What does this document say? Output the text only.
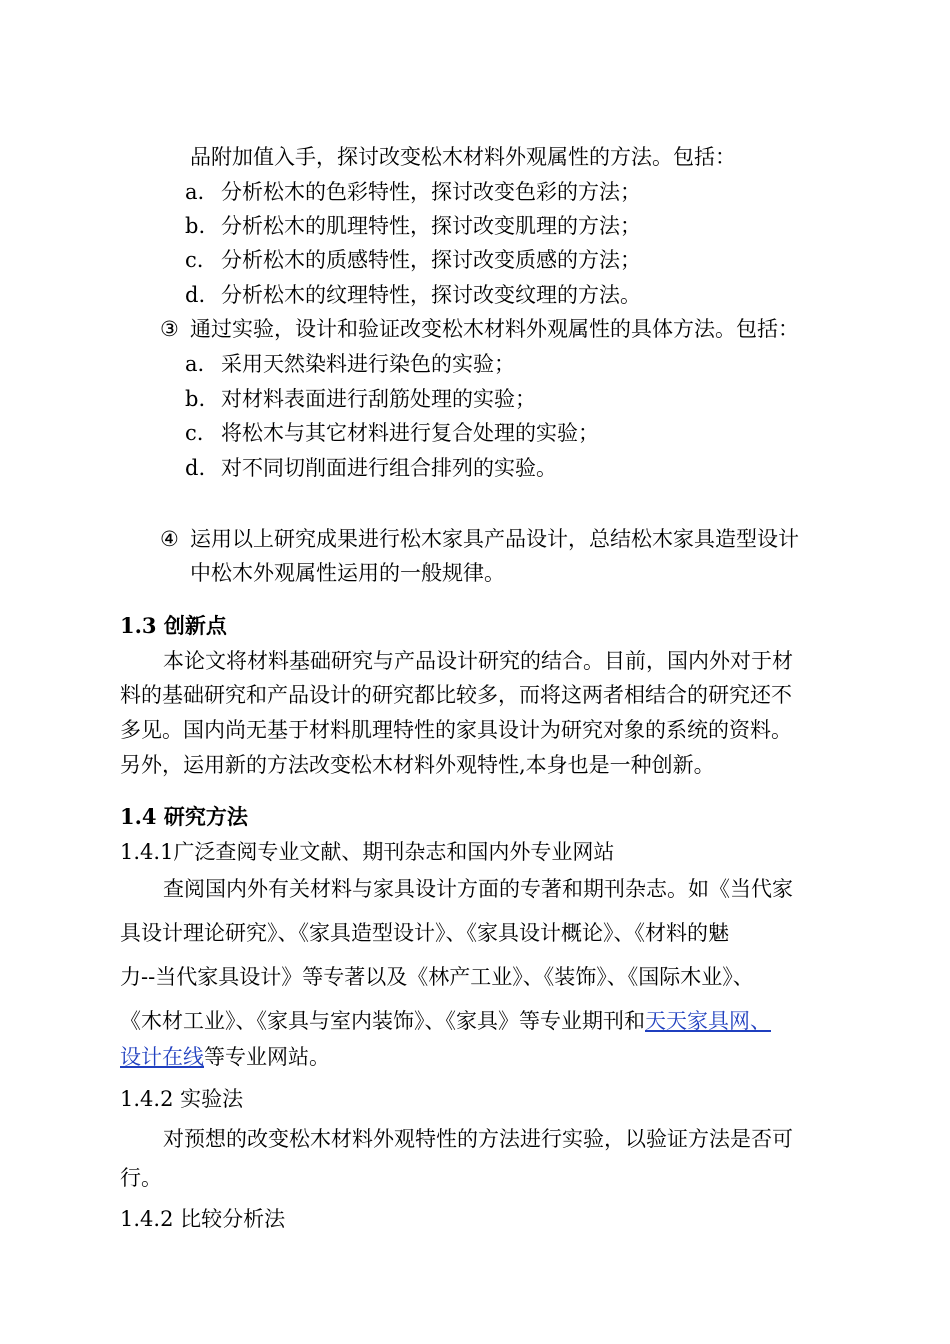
品附加值入手，探讨改变松木材料外观属性的方法。包括：
a. 分析松木的色彩特性，探讨改变色彩的方法；
b. 分析松木的肌理特性，探讨改变肌理的方法；
c. 分析松木的质感特性，探讨改变质感的方法；
d. 分析松木的纹理特性，探讨改变纹理的方法。
③ 通过实验，设计和验证改变松木材料外观属性的具体方法。包括：
a. 采用天然染料进行染色的实验；
b. 对材料表面进行刮筋处理的实验；
c. 将松木与其它材料进行复合处理的实验；
d. 对不同切削面进行组合排列的实验。
④ 运用以上研究成果进行松木家具产品设计，总结松木家具造型设计
中松木外观属性运用的一般规律。
1.3 创新点
本论文将材料基础研究与产品设计研究的结合。目前，国内外对于材
料的基础研究和产品设计的研究都比较多，而将这两者相结合的研究还不
多见。国内尚无基于材料肌理特性的家具设计为研究对象的系统的资料。
另外，运用新的方法改变松木材料外观特性,本身也是一种创新。
1.4 研究方法
1.4.1广泛查阅专业文献、期刊杂志和国内外专业网站
查阅国内外有关材料与家具设计方面的专著和期刊杂志。如《当代家
具设计理论研究》、《家具造型设计》、《家具设计概论》、《材料的魅
力--当代家具设计》等专著以及《林产工业》、《装饰》、《国际木业》、
《木材工业》、《家具与室内装饰》、《家具》等专业期刊和天天家具网、
设计在线等专业网站。
1.4.2 实验法
对预想的改变松木材料外观特性的方法进行实验，以验证方法是否可
行。
1.4.2 比较分析法
